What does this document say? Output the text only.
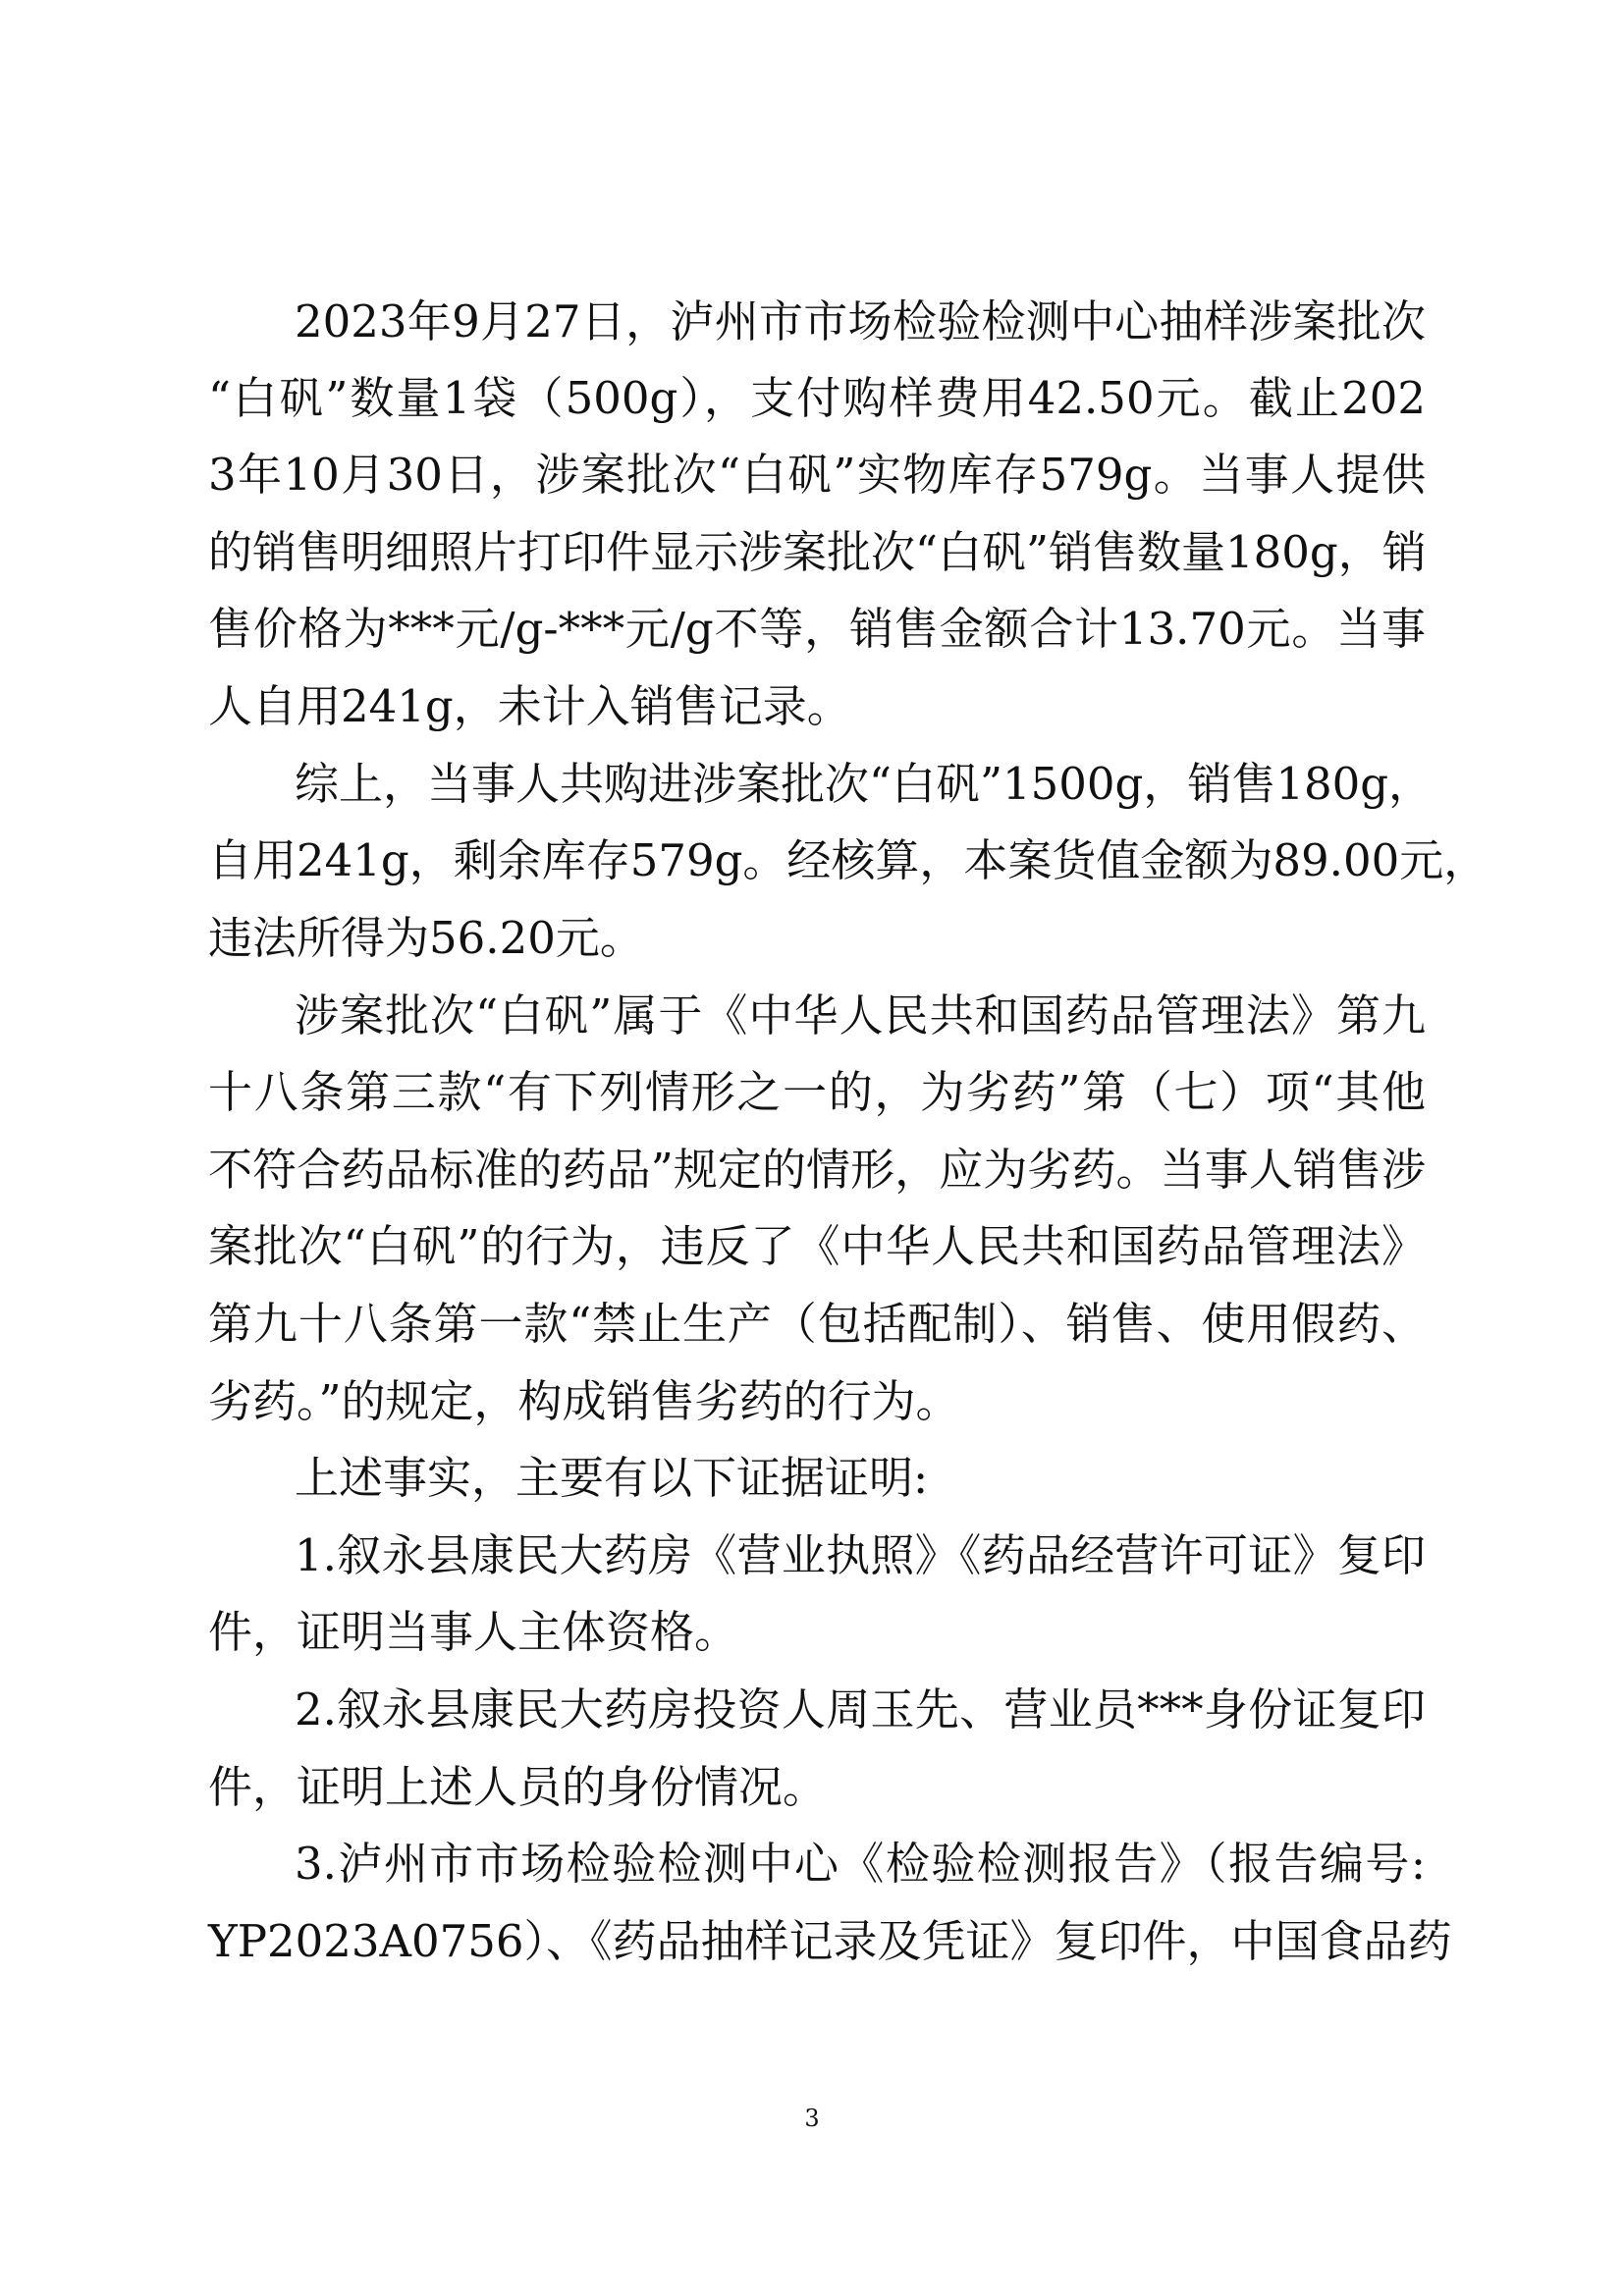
2023年9月27日，泸州市市场检验检测中心抽样涉案批次
“白矾”数量1袋（500g），支付购样费用42.50元。截止202
3年10月30日，涉案批次“白矾”实物库存579g。当事人提供
的销售明细照片打印件显示涉案批次“白矾”销售数量180g，销
售价格为***元/g-***元/g不等，销售金额合计13.70元。当事
人自用241g，未计入销售记录。
综上，当事人共购进涉案批次“白矾”1500g，销售180g，
自用241g，剩余库存579g。经核算，本案货值金额为89.00元，
违法所得为56.20元。
涉案批次“白矾”属于《中华人民共和国药品管理法》第九
十八条第三款“有下列情形之一的，为劣药”第（七）项“其他
不符合药品标准的药品”规定的情形，应为劣药。当事人销售涉
案批次“白矾”的行为，违反了《中华人民共和国药品管理法》
第九十八条第一款“禁止生产（包括配制）、销售、使用假药、
劣药。”的规定，构成销售劣药的行为。
上述事实，主要有以下证据证明:
1.叙永县康民大药房《营业执照》《药品经营许可证》复印
件，证明当事人主体资格。
2.叙永县康民大药房投资人周玉先、营业员***身份证复印
件，证明上述人员的身份情况。
3.泸州市市场检验检测中心《检验检测报告》（报告编号:
YP2023A0756）、《药品抽样记录及凭证》复印件，中国食品药
3
